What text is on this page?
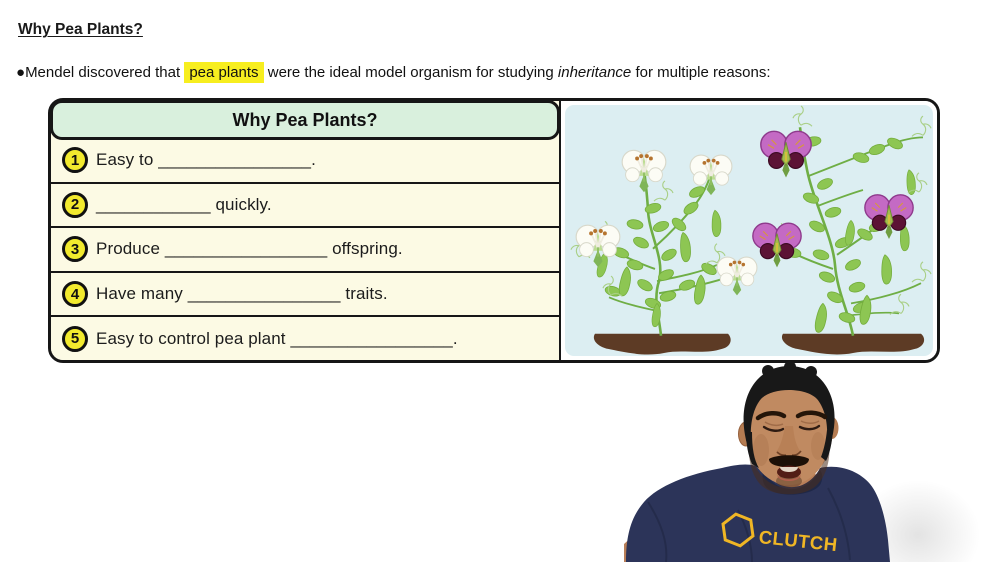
Why Pea Plants?
●Mendel discovered that pea plants were the ideal model organism for studying inheritance for multiple reasons:
Why Pea Plants?
1 Easy to ________________.
2 ____________ quickly.
3 Produce _________________ offspring.
4 Have many ________________ traits.
5 Easy to control pea plant _________________.
CLUTCH
